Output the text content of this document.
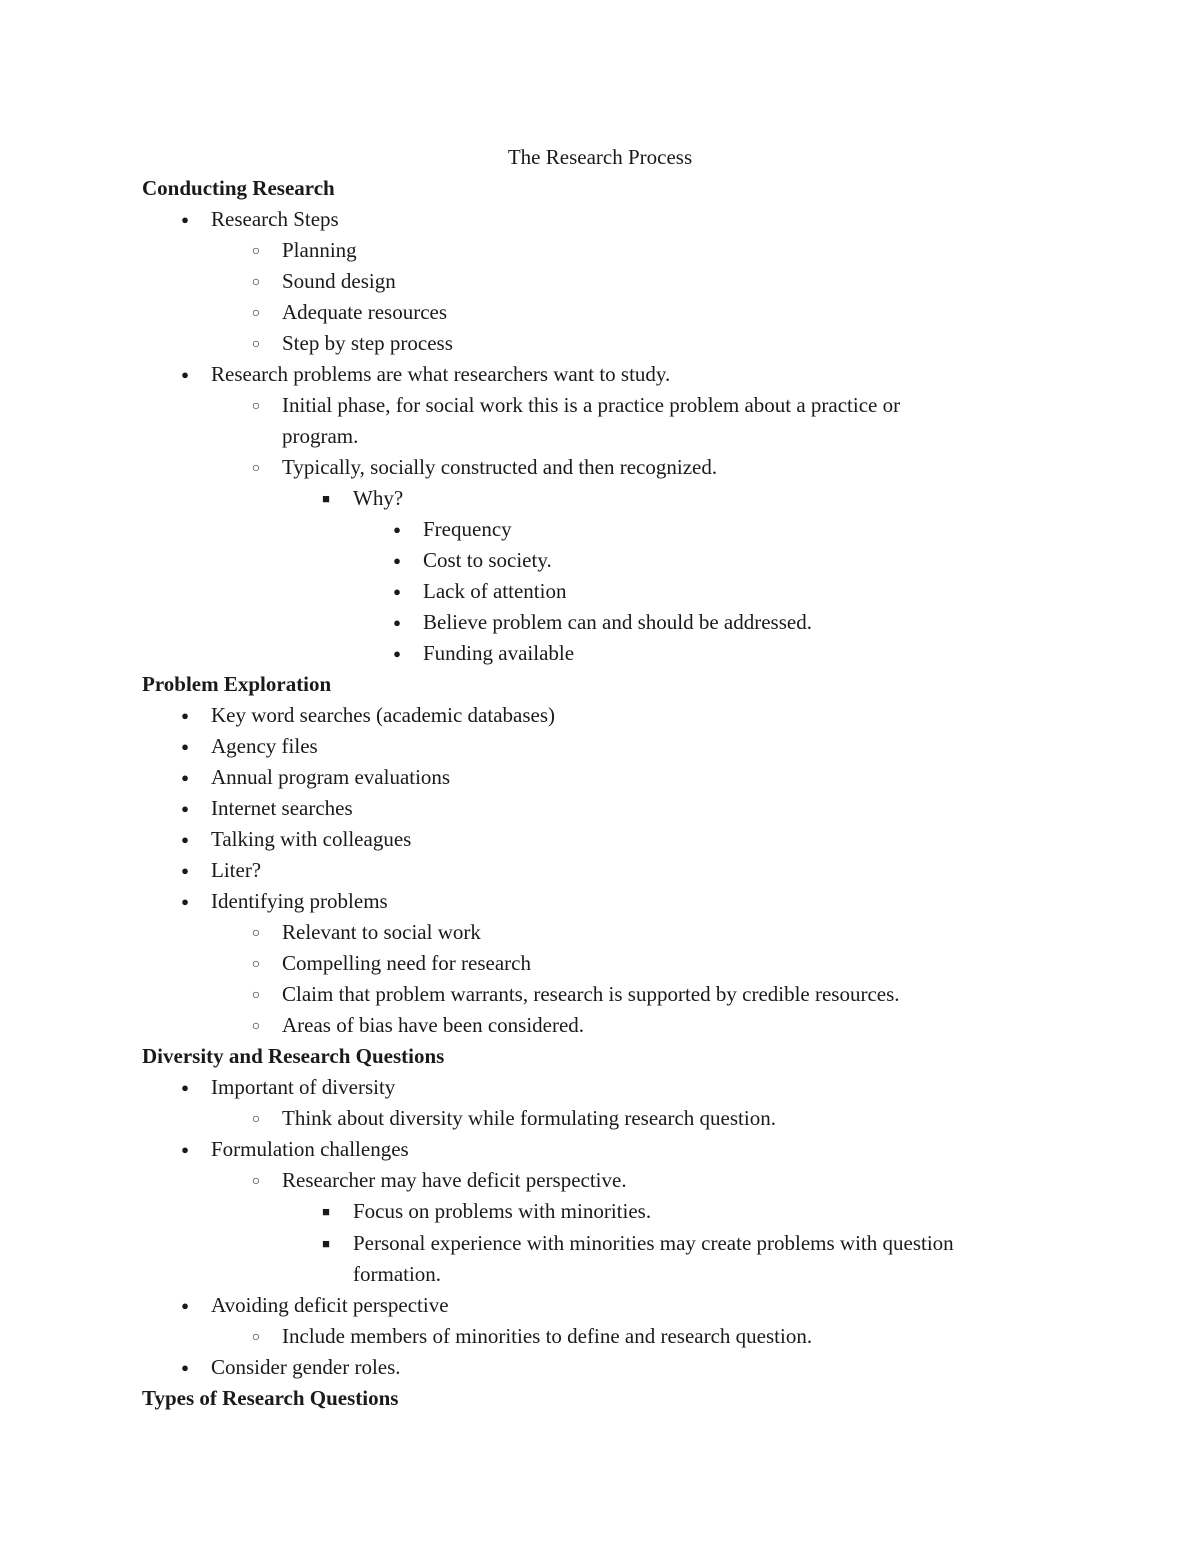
The Research Process
Conducting Research
●
Research Steps
○
Planning
○
Sound design
○
Adequate resources
○
Step by step process
●
Research problems are what researchers want to study.
○
Initial phase, for social work this is a practice problem about a practice or
program.
○
Typically, socially constructed and then recognized.
■
Why?
●
Frequency
●
Cost to society.
●
Lack of attention
●
Believe problem can and should be addressed.
●
Funding available
Problem Exploration
●
Key word searches (academic databases)
●
Agency files
●
Annual program evaluations
●
Internet searches
●
Talking with colleagues
●
Liter?
●
Identifying problems
○
Relevant to social work
○
Compelling need for research
○
Claim that problem warrants, research is supported by credible resources.
○
Areas of bias have been considered.
Diversity and Research Questions
●
Important of diversity
○
Think about diversity while formulating research question.
●
Formulation challenges
○
Researcher may have deficit perspective.
■
Focus on problems with minorities.
■
Personal experience with minorities may create problems with question
formation.
●
Avoiding deficit perspective
○
Include members of minorities to define and research question.
●
Consider gender roles.
Types of Research Questions
